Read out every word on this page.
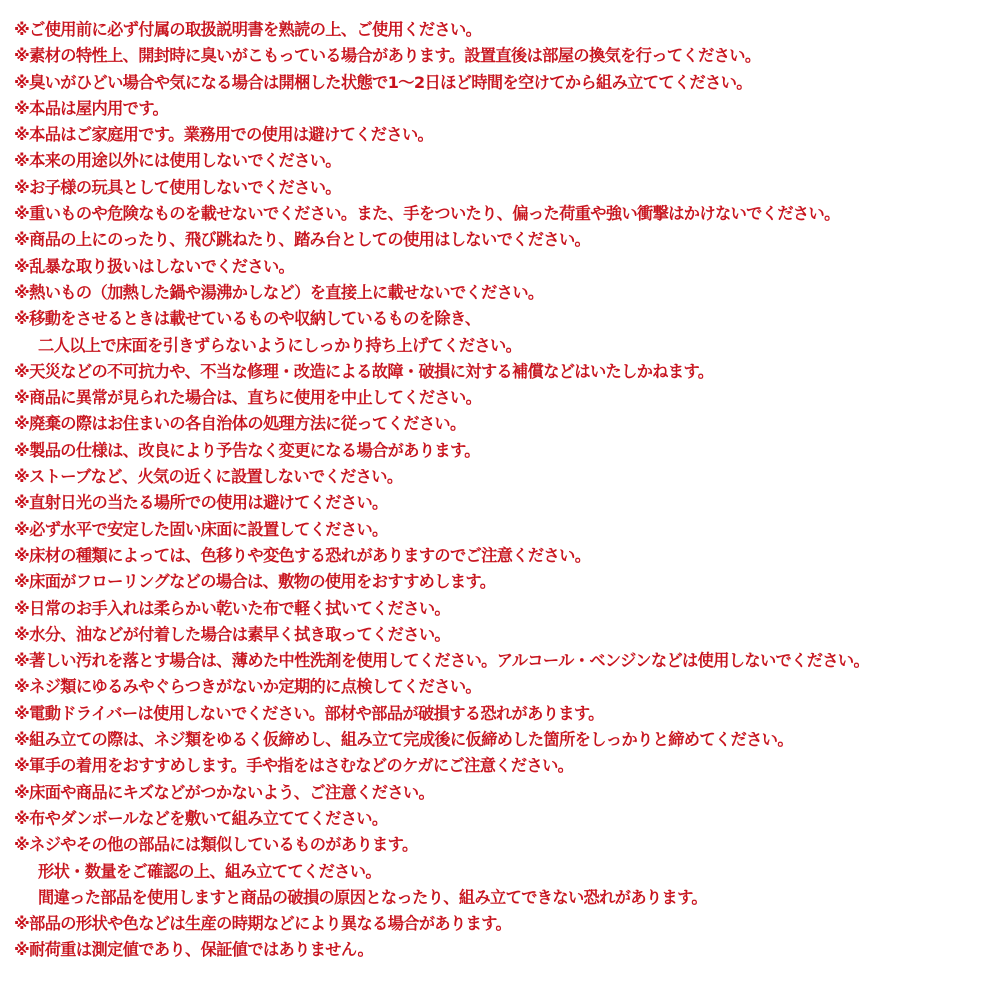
※ご使用前に必ず付属の取扱説明書を熟読の上、ご使用ください。
※素材の特性上、開封時に臭いがこもっている場合があります。設置直後は部屋の換気を行ってください。
※臭いがひどい場合や気になる場合は開梱した状態で1〜2日ほど時間を空けてから組み立ててください。
※本品は屋内用です。
※本品はご家庭用です。業務用での使用は避けてください。
※本来の用途以外には使用しないでください。
※お子様の玩具として使用しないでください。
※重いものや危険なものを載せないでください。また、手をついたり、偏った荷重や強い衝撃はかけないでください。
※商品の上にのったり、飛び跳ねたり、踏み台としての使用はしないでください。
※乱暴な取り扱いはしないでください。
※熱いもの（加熱した鍋や湯沸かしなど）を直接上に載せないでください。
※移動をさせるときは載せているものや収納しているものを除き、
二人以上で床面を引きずらないようにしっかり持ち上げてください。
※天災などの不可抗力や、不当な修理・改造による故障・破損に対する補償などはいたしかねます。
※商品に異常が見られた場合は、直ちに使用を中止してください。
※廃棄の際はお住まいの各自治体の処理方法に従ってください。
※製品の仕様は、改良により予告なく変更になる場合があります。
※ストーブなど、火気の近くに設置しないでください。
※直射日光の当たる場所での使用は避けてください。
※必ず水平で安定した固い床面に設置してください。
※床材の種類によっては、色移りや変色する恐れがありますのでご注意ください。
※床面がフローリングなどの場合は、敷物の使用をおすすめします。
※日常のお手入れは柔らかい乾いた布で軽く拭いてください。
※水分、油などが付着した場合は素早く拭き取ってください。
※著しい汚れを落とす場合は、薄めた中性洗剤を使用してください。アルコール・ベンジンなどは使用しないでください。
※ネジ類にゆるみやぐらつきがないか定期的に点検してください。
※電動ドライバーは使用しないでください。部材や部品が破損する恐れがあります。
※組み立ての際は、ネジ類をゆるく仮締めし、組み立て完成後に仮締めした箇所をしっかりと締めてください。
※軍手の着用をおすすめします。手や指をはさむなどのケガにご注意ください。
※床面や商品にキズなどがつかないよう、ご注意ください。
※布やダンボールなどを敷いて組み立ててください。
※ネジやその他の部品には類似しているものがあります。
形状・数量をご確認の上、組み立ててください。
間違った部品を使用しますと商品の破損の原因となったり、組み立てできない恐れがあります。
※部品の形状や色などは生産の時期などにより異なる場合があります。
※耐荷重は測定値であり、保証値ではありません。
